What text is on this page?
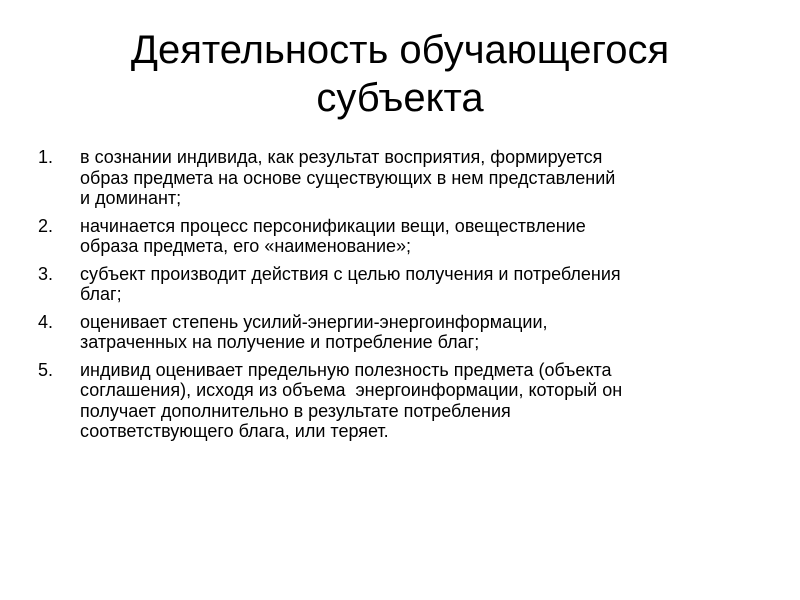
Деятельность обучающегося
субъекта
1.	в сознании индивида, как результат восприятия, формируется
образ предмета на основе существующих в нем представлений
и доминант;
2.	начинается процесс персонификации вещи, овеществление
образа предмета, его «наименование»;
3.	субъект производит действия с целью получения и потребления
благ;
4.	оценивает степень усилий-энергии-энергоинформации,
затраченных на получение и потребление благ;
5.	индивид оценивает предельную полезность предмета (объекта
соглашения), исходя из объема  энергоинформации, который он
получает дополнительно в результате потребления
соответствующего блага, или теряет.
